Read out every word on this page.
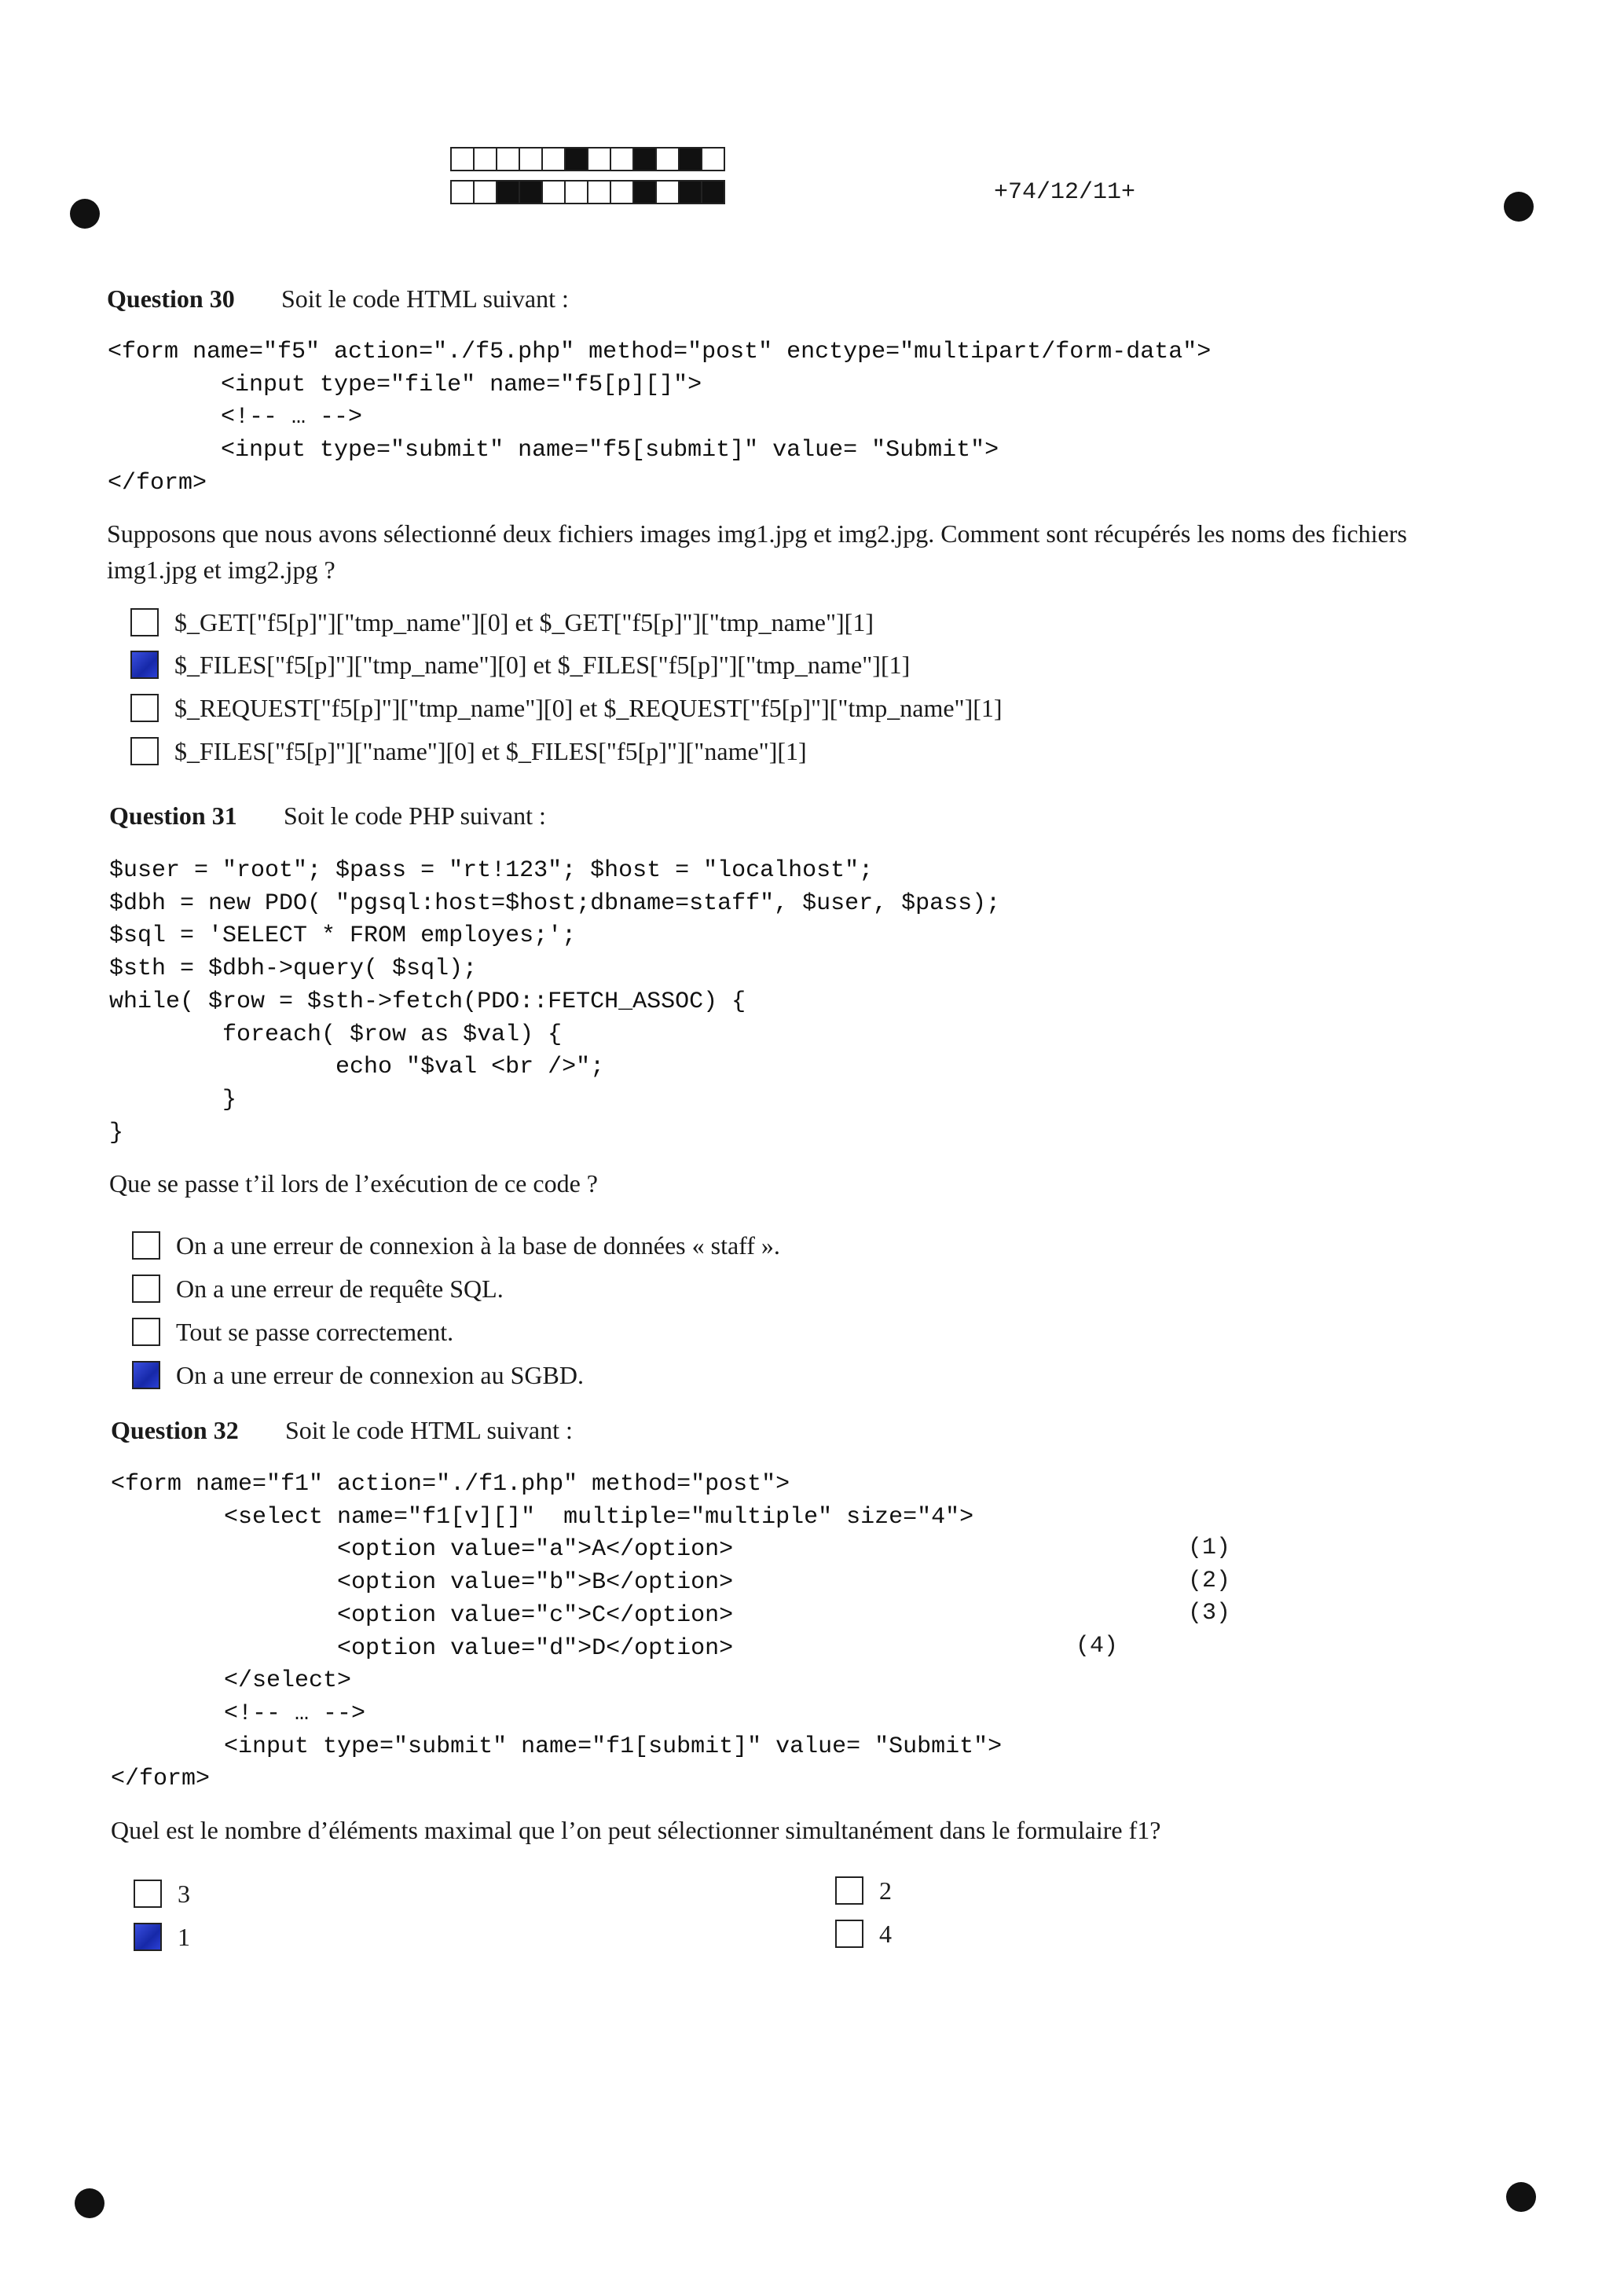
+74/12/11+
Question 30 Soit le code HTML suivant :
<form name="f5" action="./f5.php" method="post" enctype="multipart/form-data">
<input type="file" name="f5[p][]">
<!-- … -->
<input type="submit" name="f5[submit]" value= "Submit">
</form>

Supposons que nous avons sélectionné deux fichiers images img1.jpg et img2.jpg. Comment sont récupérés les noms des fichiers img1.jpg et img2.jpg ?

$_GET["f5[p]"]["tmp_name"][0] et $_GET["f5[p]"]["tmp_name"][1]
$_FILES["f5[p]"]["tmp_name"][0] et $_FILES["f5[p]"]["tmp_name"][1]
$_REQUEST["f5[p]"]["tmp_name"][0] et $_REQUEST["f5[p]"]["tmp_name"][1]
$_FILES["f5[p]"]["name"][0] et $_FILES["f5[p]"]["name"][1]
Question 31 Soit le code PHP suivant :
$user = "root"; $pass = "rt!123"; $host = "localhost";
$dbh = new PDO( "pgsql:host=$host;dbname=staff", $user, $pass);
$sql = 'SELECT * FROM employes;';
$sth = $dbh->query( $sql);
while( $row = $sth->fetch(PDO::FETCH_ASSOC) {
foreach( $row as $val) {
echo "$val <br />";
}
}

Que se passe t’il lors de l’exécution de ce code ?

On a une erreur de connexion à la base de données « staff ».
On a une erreur de requête SQL.
Tout se passe correctement.
On a une erreur de connexion au SGBD.
Question 32 Soit le code HTML suivant :
<form name="f1" action="./f1.php" method="post">
<select name="f1[v][]"  multiple="multiple" size="4">
<option value="a">A</option>
<option value="b">B</option>
<option value="c">C</option>
<option value="d">D</option>
</select>
<!-- … -->
<input type="submit" name="f1[submit]" value= "Submit">
</form>
(1)
(2)
(3)
(4)

Quel est le nombre d’éléments maximal que l’on peut sélectionner simultanément dans le formulaire f1?

3
1
2
4
